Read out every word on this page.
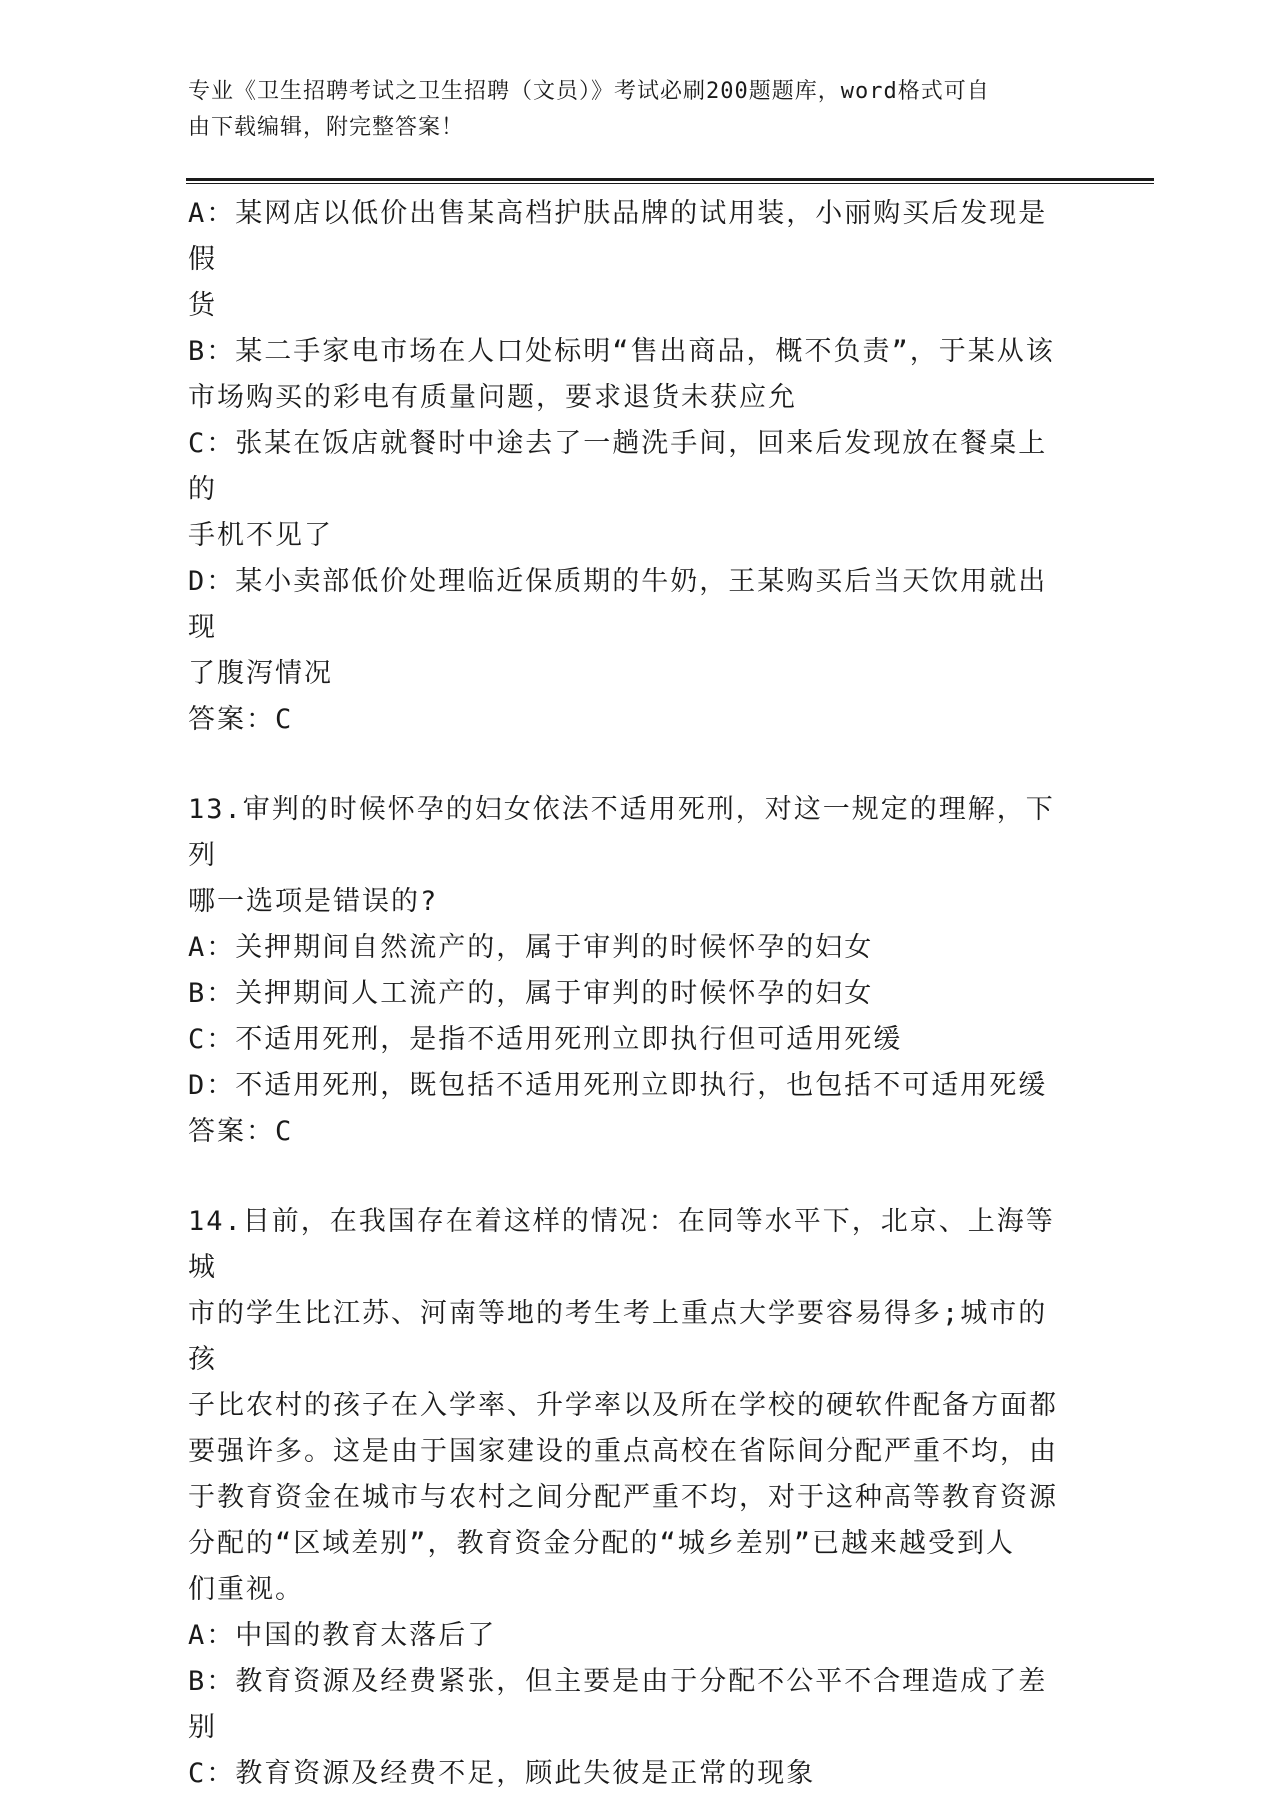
专业《卫生招聘考试之卫生招聘（文员）》考试必刷200题题库，word格式可自
由下载编辑，附完整答案！
A：某网店以低价出售某高档护肤品牌的试用装，小丽购买后发现是假
货
B：某二手家电市场在人口处标明“售出商品，概不负责”，于某从该
市场购买的彩电有质量问题，要求退货未获应允
C：张某在饭店就餐时中途去了一趟洗手间，回来后发现放在餐桌上的
手机不见了
D：某小卖部低价处理临近保质期的牛奶，王某购买后当天饮用就出现
了腹泻情况
答案：C
13.审判的时候怀孕的妇女依法不适用死刑，对这一规定的理解，下列
哪一选项是错误的?
A：关押期间自然流产的，属于审判的时候怀孕的妇女
B：关押期间人工流产的，属于审判的时候怀孕的妇女
C：不适用死刑，是指不适用死刑立即执行但可适用死缓
D：不适用死刑，既包括不适用死刑立即执行，也包括不可适用死缓
答案：C
14.目前，在我国存在着这样的情况：在同等水平下，北京、上海等城
市的学生比江苏、河南等地的考生考上重点大学要容易得多;城市的孩
子比农村的孩子在入学率、升学率以及所在学校的硬软件配备方面都
要强许多。这是由于国家建设的重点高校在省际间分配严重不均，由
于教育资金在城市与农村之间分配严重不均，对于这种高等教育资源
分配的“区域差别”，教育资金分配的“城乡差别”已越来越受到人
们重视。
A：中国的教育太落后了
B：教育资源及经费紧张，但主要是由于分配不公平不合理造成了差别
C：教育资源及经费不足，顾此失彼是正常的现象
